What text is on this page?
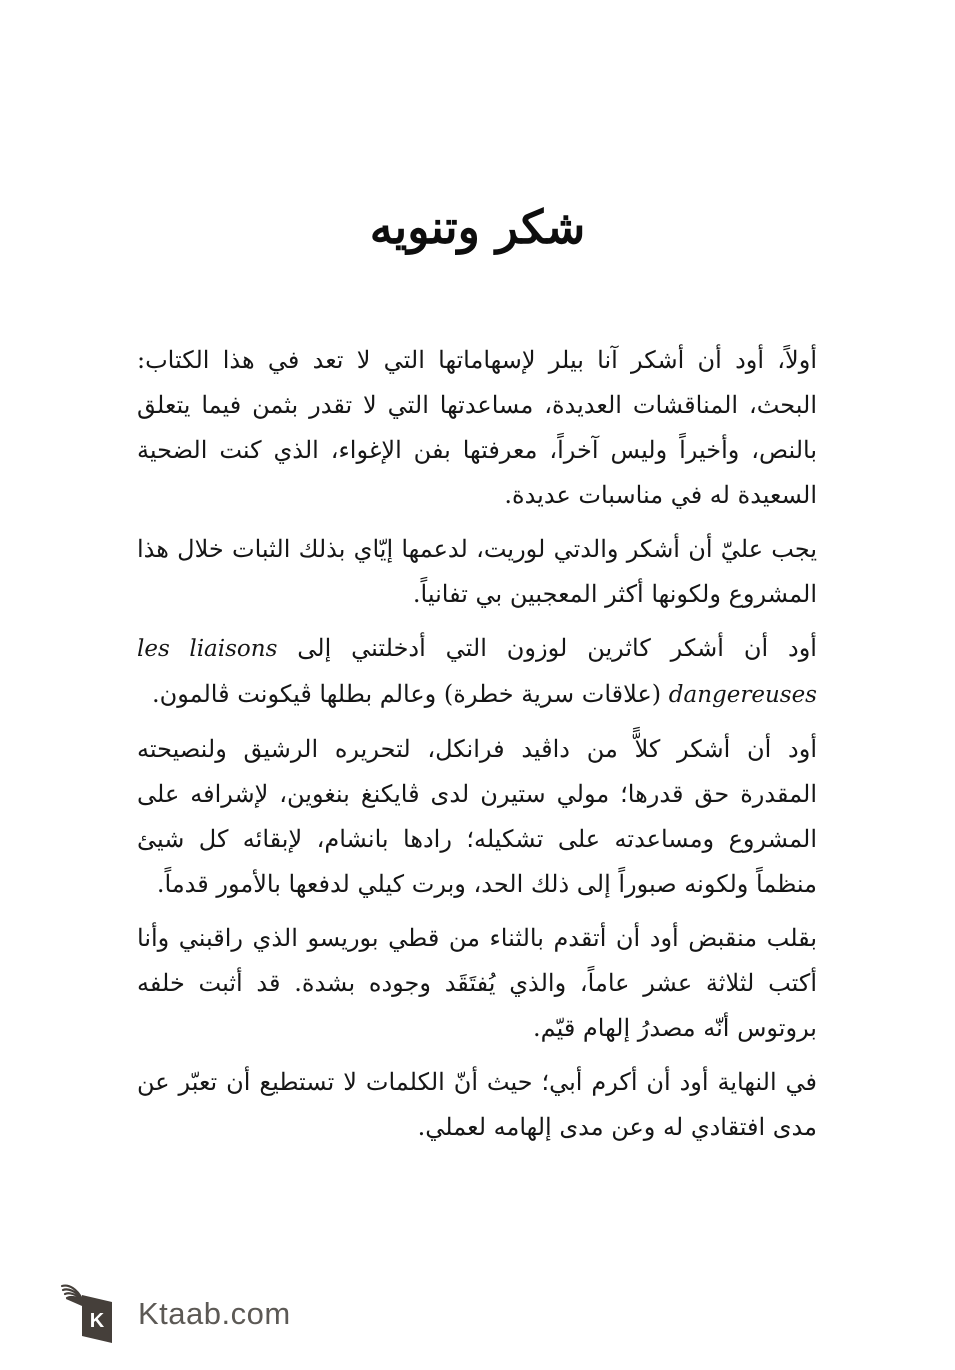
شكر وتنويه

أولاً، أود أن أشكر آنا بيلر لإسهاماتها التي لا تعد في هذا الكتاب: البحث، المناقشات العديدة، مساعدتها التي لا تقدر بثمن فيما يتعلق بالنص، وأخيراً وليس آخراً، معرفتها بفن الإغواء، الذي كنت الضحية السعيدة له في مناسبات عديدة.

يجب عليّ أن أشكر والدتي لوريت، لدعمها إيّاي بذلك الثبات خلال هذا المشروع ولكونها أكثر المعجبين بي تفانياً.

أود أن أشكر كاثرين لوزون التي أدخلتني إلى les liaisons dangereuses (علاقات سرية خطرة) وعالم بطلها ڤيكونت ڤالمون.

أود أن أشكر كلاًّ من داڤيد فرانكل، لتحريره الرشيق ولنصيحته المقدرة حق قدرها؛ مولي ستيرن لدى ڤايكنغ بنغوين، لإشرافه على المشروع ومساعدته على تشكيله؛ رادها بانشام، لإبقائه كل شيئ منظماً ولكونه صبوراً إلى ذلك الحد، وبرت كيلي لدفعها بالأمور قدماً.

بقلب منقبض أود أن أتقدم بالثناء من قطي بوريسو الذي راقبني وأنا أكتب لثلاثة عشر عاماً، والذي يُفتَقَد وجوده بشدة. قد أثبت خلفه بروتوس أنّه مصدرُ إلهام قيّم.

في النهاية أود أن أكرم أبي؛ حيث أنّ الكلمات لا تستطيع أن تعبّر عن مدى افتقادي له وعن مدى إلهامه لعملي.

K Ktaab.com
